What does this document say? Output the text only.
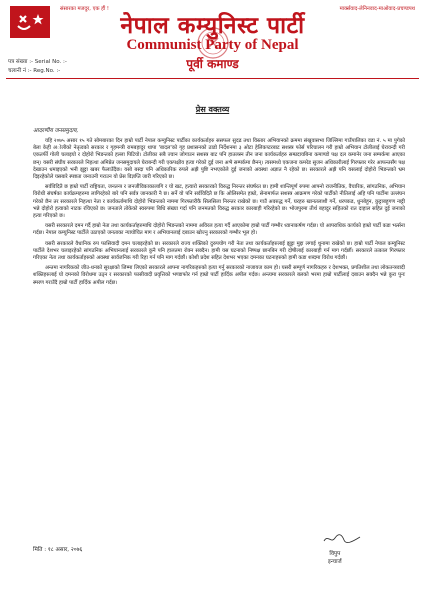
संसारका मजदुर, एक हौं !	मार्क्सवाद-लेनिनवाद-माओवाद-प्रचण्डपथ
नेपाल कम्युनिस्ट पार्टी
Communist Party of Nepal
पूर्वी कमाण्ड
पत्र संख्या :- Serial No. :-
चलानी नं :- Reg.No. :-
प्रेस वक्तव्य
आदरणीय जनसमुदाय,

यहि २०७५ असार १५ गते सोमबारका दिन हाम्रो पार्टी नेपाल कम्युनिस्ट पार्टीका कार्यकर्ताहरु ससफल सुदढ तथा विस्तार अभियानको क्रममा संखुवासभा जिल्लिमा गाउँपालिका वडा नं. ५ मा पुगेको बेला केही अोलीको नेतृत्वको सरकार र गृहमन्त्री रामबहादुर थापा 'बादल'को गृह प्रशासनको ठाडो निर्देशनमा ३ ओटा हेलिकप्टरबाट सशस्त्र फोर्स परिचालन गरी हाम्रो अभियान टोलीलाई घेरावन्दी गरी एकतर्फी गोली चलाइयो र दोहोरो भिडन्तको हल्ला पिटियो। टोलीका सबै ज्वान जोगाउन सशस्त्र बाट पनि हातलस्न तीन जना कार्यकर्ताहरु सम्प्रदायबिना कमाण्डो पक्ष दल कमानेर जना सम्पर्कमा आएका छन्। यसरी संघीय सरकारले निहत्था अमिप्रेत जनसमुदायले घेराबन्दी गरी एकपक्षीय हत्या गरेको दुई जना अभै सम्पर्कमा छैनन्। त्यसमध्ये एकजना कमरेड सुजन अधिकारीलाई गिरफ्तार गरेर आफन्तसँग पक्ष देखाउन धमाइएको भनी झुट्टा खबर फैलाउँदैछ। यसो बस्दा पनि अधिकारिक रुपले अझै पुष्टि नभएकोले दुई जनाको अवस्था अज्ञात नै रहेको छ। सरकारले अझै पनि यसलाई दोहोरो भिडन्तको भ्रम दिइरहेकोले यसबारे स्पष्टता जनाउनी गराउन यो प्रेस विज्ञप्ति जारी गरिएको छ।

सर्वविदितै छ हाम्रो पार्टी राष्ट्रियता, जनतन्त्र र जनजीविकाकालागि र यो खट, हत्यारो सरकारको विरुद्ध निरन्तर संघर्षरत छ। हामी शान्तिपूर्ण रुपमा आफ्नो राजनीतिक, वैचारिक, सांगठनिक, अभियान विरोधी संघर्षका कार्यक्रमहरुमा लागिरहेको बारे पनि सर्वत्र जानकारी नै छ। सर्ने यो पनि सर्वविदितै छ कि ओलिसमेत हाम्रो, सेनामार्फत सशस्त्र आक्रमण गरेको पार्टीको नीतिलाई अहि पनि पार्टीमा उल्लंघन गरेको छैन तर सरकारले निहत्था नेता र कार्यकर्तामाथि दोहोरो भिडन्तको नाममा गिरफ्तारीकै सिलसिला निरन्तर राखेको छ। गाउँ अवरुद्ध गर्ने, घरहरु खानतलाशी गर्ने, धरपकड, धुनबेहुन, कुट्टाबहुगण नाट्टी भन्ने दोहोरो हत्याको नाटक रचिएको छ। जनताले तोकेको स्वरुपमा बिधि संख्या गर्दा पनि जनमतको विरुद्ध सरकार कारबाही गरिरहेको छ। भोजपुरमा तीर्थ बहादुर सहितको रात दाहाल सहित दुई जनाको हत्या गरिएको छ।

यसरी सरकारले दमन गर्दै हाम्रो नेता तथा कार्यकर्ताहरुमाथि दोहोरो भिडन्तको नाममा अविरल हत्या गर्दै आएकोमा हाम्रो पार्टी गम्भीर ध्यानाकर्षण गर्दछ। यो आपराधिक कार्यको हाम्रो पार्टी कडा भर्त्सना गर्दछ। नेपाल कम्युनिस्ट पार्टीले उठाएको जनताका न्यायोचित माग र अभियानलाई दबाउन खोज्नु सरकारको गम्भीर भूल हो।

यसरी सरकारले वैधानिक रुप फासिवादी दमन चलाइरहेको छ। सरकारले राज्य शक्तिको दुरुपयोग गरी नेता तथा कार्यकर्ताहरुलाई झुट्टा मुद्दा लगाई थुनामा राखेको छ। हाम्रो पार्टी नेपाल कम्युनिस्ट पार्टीले देशभर चलाइरहेको सांगठनिक अभियानलाई सरकारले कुनै पनि हालतमा रोक्न सक्दैन। हामी यस घटनाको निष्पक्ष छानबिन गरी दोषीलाई कारबाही गर्न माग गर्दछौं। सरकारले तत्काल गिरफ्तार गरिएका नेता तथा कार्यकर्ताहरुको अवस्था सार्वजनिक गरी रिहा गर्न पनि माग गर्दछौं। कोशी प्रदेश सहित देशभर भएका दमनका घटनाहरुको हामी कडा शब्दमा विरोध गर्दछौं।

अन्तमा नागरिकको जीउ-धनको सुरक्षाको जिम्मा लिएको सरकारले आफ्ना नागरिकहरुको हत्या गर्नु सरकारको नाजायज काम हो। यसरी सम्पूर्ण नागरिकहरु र देशभक्त, प्रगतिशील तथा लोकतन्त्रवादी शक्तिहरुलाई यो दमनको विरोधमा उठ्न र सरकारको फासीवादी प्रवृत्तिको भण्डाफोर गर्न हाम्रो पार्टी हार्दिक अपील गर्दछ। अन्त्यमा सरकारले बलको भरमा हाम्रो पार्टीलाई दबाउन सक्दैन भन्ने कुरा पुनः स्मरण गराउँदै हाम्रो पार्टी हार्दिक अपील गर्दछ।

मिति : १८ असार, २०७६
विपुप
इन्चार्ज
